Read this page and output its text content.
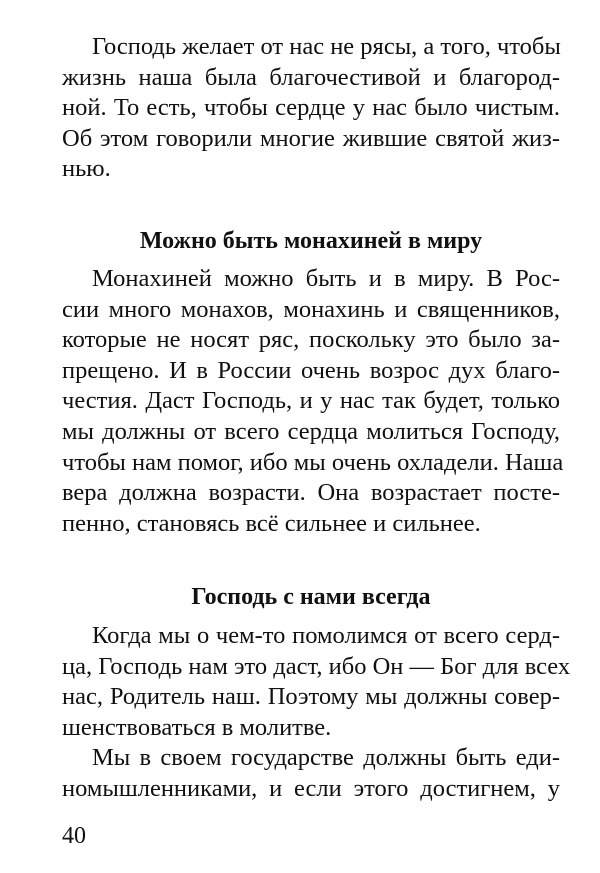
Господь желает от нас не рясы, а того, чтобы
жизнь наша была благочестивой и благород-
ной. То есть, чтобы сердце у нас было чистым.
Об этом говорили многие жившие святой жиз-
нью.
Можно быть монахиней в миру
Монахиней можно быть и в миру. В Рос-
сии много монахов, монахинь и священников,
которые не носят ряс, поскольку это было за-
прещено. И в России очень возрос дух благо-
честия. Даст Господь, и у нас так будет, только
мы должны от всего сердца молиться Господу,
чтобы нам помог, ибо мы очень охладели. Наша
вера должна возрасти. Она возрастает посте-
пенно, становясь всё сильнее и сильнее.
Господь с нами всегда
Когда мы о чем-то помолимся от всего серд-
ца, Господь нам это даст, ибо Он — Бог для всех
нас, Родитель наш. Поэтому мы должны совер-
шенствоваться в молитве.
Мы в своем государстве должны быть еди-
номышленниками, и если этого достигнем, у
40
